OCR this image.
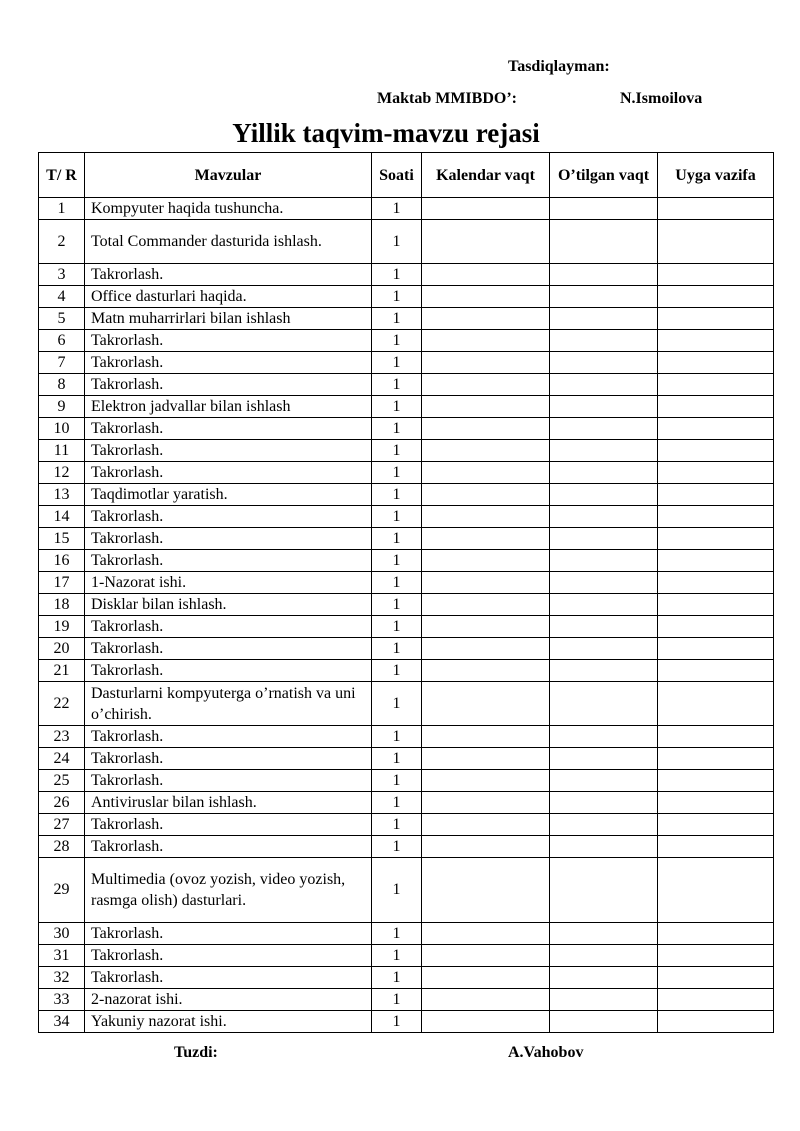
Tasdiqlayman:
Maktab MMIBDO’:	N.Ismoilova
Yillik taqvim-mavzu rejasi
T/ R	Mavzular	Soati	Kalendar vaqt	O’tilgan vaqt	Uyga vazifa
1	Kompyuter haqida tushuncha.	1			
2	Total Commander dasturida ishlash.	1			
3	Takrorlash.	1			
4	Office dasturlari haqida.	1			
5	Matn muharrirlari bilan ishlash	1			
6	Takrorlash.	1			
7	Takrorlash.	1			
8	Takrorlash.	1			
9	Elektron jadvallar bilan ishlash	1			
10	Takrorlash.	1			
11	Takrorlash.	1			
12	Takrorlash.	1			
13	Taqdimotlar yaratish.	1			
14	Takrorlash.	1			
15	Takrorlash.	1			
16	Takrorlash.	1			
17	1-Nazorat ishi.	1			
18	Disklar bilan ishlash.	1			
19	Takrorlash.	1			
20	Takrorlash.	1			
21	Takrorlash.	1			
22	Dasturlarni kompyuterga o’rnatish va uni o’chirish.	1			
23	Takrorlash.	1			
24	Takrorlash.	1			
25	Takrorlash.	1			
26	Antiviruslar bilan ishlash.	1			
27	Takrorlash.	1			
28	Takrorlash.	1			
29	Multimedia (ovoz yozish, video yozish, rasmga olish) dasturlari.	1			
30	Takrorlash.	1			
31	Takrorlash.	1			
32	Takrorlash.	1			
33	2-nazorat ishi.	1			
34	Yakuniy nazorat ishi.	1			
Tuzdi:	A.Vahobov
